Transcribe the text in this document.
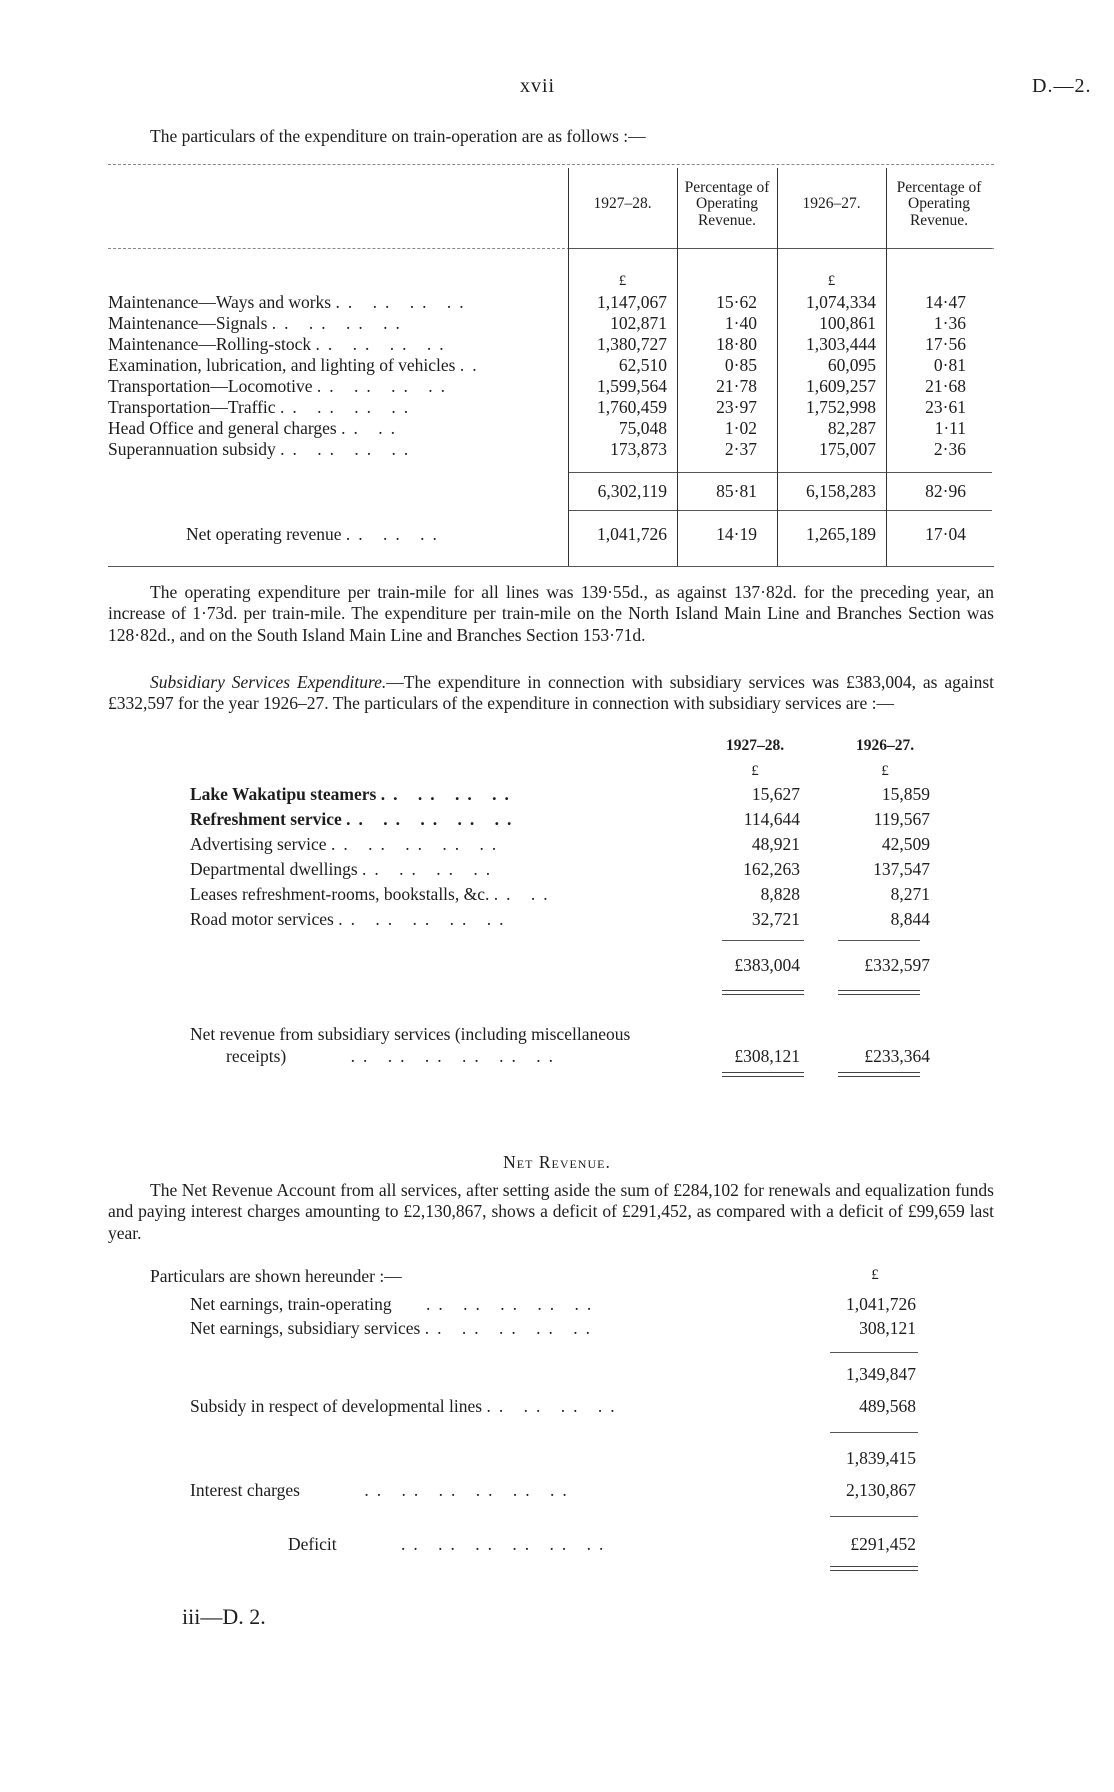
xvii	D.—2.
The particulars of the expenditure on train-operation are as follows :—
1927–28.
Percentage of Operating Revenue.
1926–27.
Percentage of Operating Revenue.
£	£
Maintenance—Ways and works .. .. .. ..	1,147,067	15·62	1,074,334	14·47
Maintenance—Signals .. .. .. ..	102,871	1·40	100,861	1·36
Maintenance—Rolling-stock .. .. .. ..	1,380,727	18·80	1,303,444	17·56
Examination, lubrication, and lighting of vehicles ..	62,510	0·85	60,095	0·81
Transportation—Locomotive .. .. .. ..	1,599,564	21·78	1,609,257	21·68
Transportation—Traffic .. .. .. ..	1,760,459	23·97	1,752,998	23·61
Head Office and general charges .. ..	75,048	1·02	82,287	1·11
Superannuation subsidy .. .. .. ..	173,873	2·37	175,007	2·36
6,302,119	85·81	6,158,283	82·96
Net operating revenue .. .. ..	1,041,726	14·19	1,265,189	17·04
The operating expenditure per train-mile for all lines was 139·55d., as against 137·82d. for the preceding year, an increase of 1·73d. per train-mile. The expenditure per train-mile on the North Island Main Line and Branches Section was 128·82d., and on the South Island Main Line and Branches Section 153·71d.
Subsidiary Services Expenditure.—The expenditure in connection with subsidiary services was £383,004, as against £332,597 for the year 1926–27. The particulars of the expenditure in connection with subsidiary services are :—
1927–28.	1926–27.
£	£
Lake Wakatipu steamers .. .. .. ..	15,627	15,859
Refreshment service .. .. .. .. ..	114,644	119,567
Advertising service .. .. .. .. ..	48,921	42,509
Departmental dwellings .. .. .. ..	162,263	137,547
Leases refreshment-rooms, bookstalls, &c. .. ..	8,828	8,271
Road motor services .. .. .. .. ..	32,721	8,844
£383,004	£332,597
Net revenue from subsidiary services (including miscellaneous
receipts)	.. .. .. .. .. ..	£308,121	£233,364
Net Revenue.
The Net Revenue Account from all services, after setting aside the sum of £284,102 for renewals and equalization funds and paying interest charges amounting to £2,130,867, shows a deficit of £291,452, as compared with a deficit of £99,659 last year.
Particulars are shown hereunder :—	£
Net earnings, train-operating .. .. .. .. ..	1,041,726
Net earnings, subsidiary services .. .. .. .. ..	308,121
1,349,847
Subsidy in respect of developmental lines .. .. .. ..	489,568
1,839,415
Interest charges	.. .. .. .. .. ..	2,130,867
Deficit	.. .. .. .. .. ..	£291,452
iii—D. 2.
